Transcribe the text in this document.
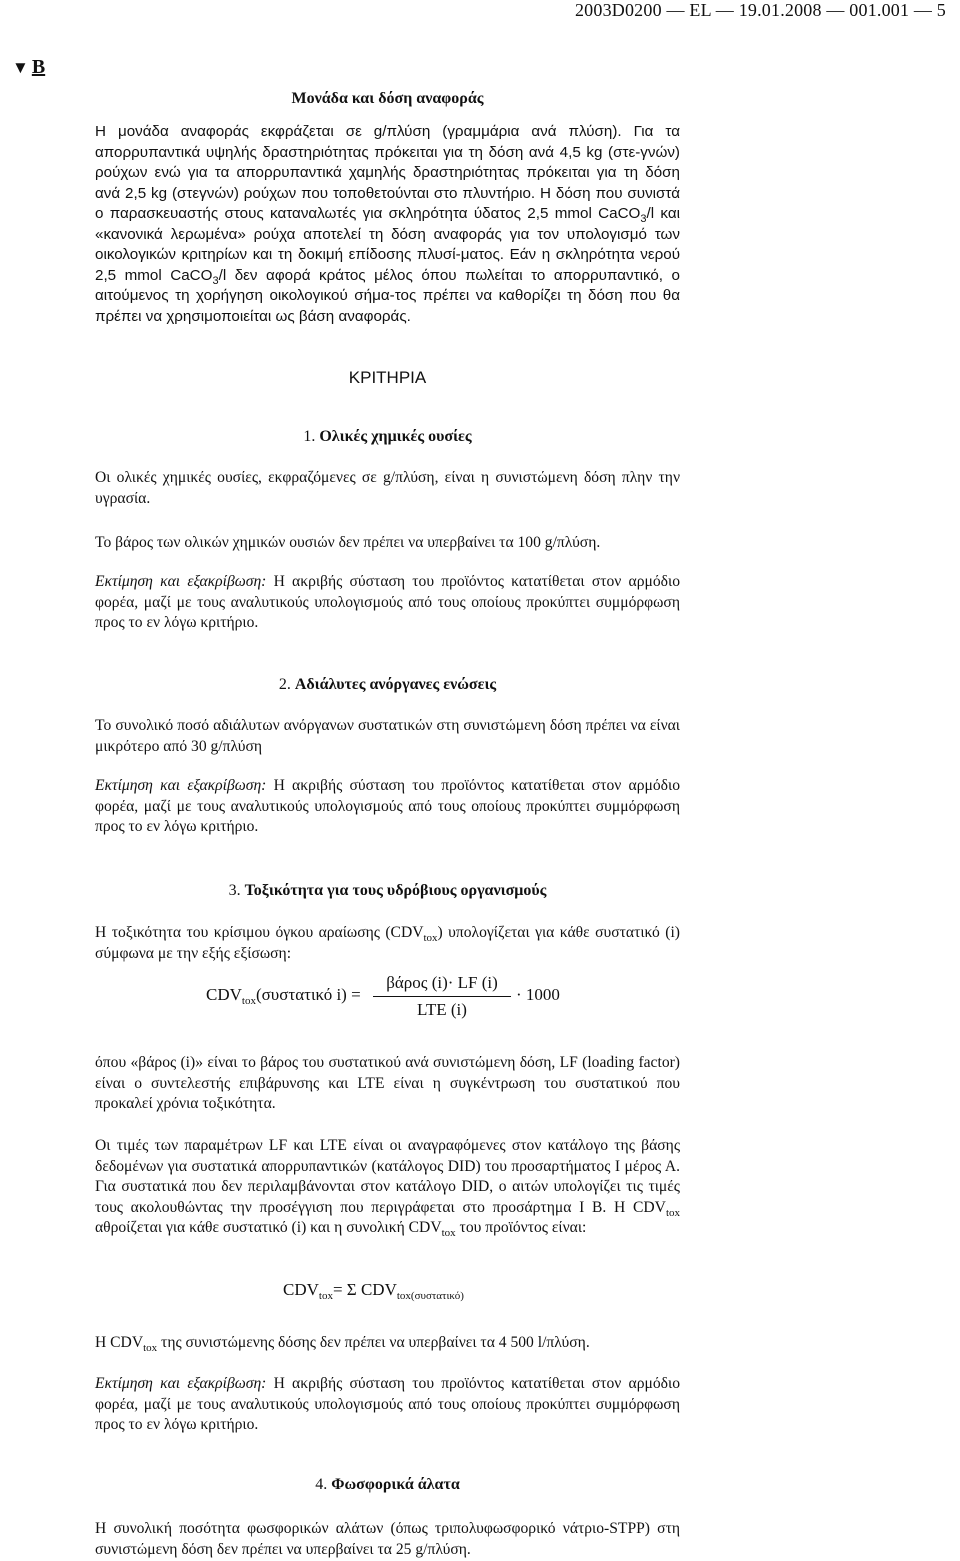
2003D0200 — EL — 19.01.2008 — 001.001 — 5
▼ B
Μονάδα και δόση αναφοράς
Η μονάδα αναφοράς εκφράζεται σε g/πλύση (γραμμάρια ανά πλύση). Για τα απορρυπαντικά υψηλής δραστηριότητας πρόκειται για τη δόση ανά 4,5 kg (στε-γνών) ρούχων ενώ για τα απορρυπαντικά χαμηλής δραστηριότητας πρόκειται για τη δόση ανά 2,5 kg (στεγνών) ρούχων που τοποθετούνται στο πλυντήριο. Η δόση που συνιστά ο παρασκευαστής στους καταναλωτές για σκληρότητα ύδατος 2,5 mmol CaCO$_3$/l και «κανονικά λερωμένα» ρούχα αποτελεί τη δόση αναφοράς για τον υπολογισμό των οικολογικών κριτηρίων και τη δοκιμή επίδοσης πλυσί-ματος. Εάν η σκληρότητα νερού 2,5 mmol CaCO$_3$/l δεν αφορά κράτος μέλος όπου πωλείται το απορρυπαντικό, ο αιτούμενος τη χορήγηση οικολογικού σήμα-τος πρέπει να καθορίζει τη δόση που θα πρέπει να χρησιμοποιείται ως βάση αναφοράς.
ΚΡΙΤΗΡΙΑ
1. Ολικές χημικές ουσίες

Οι ολικές χημικές ουσίες, εκφραζόμενες σε g/πλύση, είναι η συνιστώμενη δόση πλην την υγρασία.

Το βάρος των ολικών χημικών ουσιών δεν πρέπει να υπερβαίνει τα 100 g/πλύση.

Εκτίμηση και εξακρίβωση: Η ακριβής σύσταση του προϊόντος κατατίθεται στον αρμόδιο φορέα, μαζί με τους αναλυτικούς υπολογισμούς από τους οποίους προκύπτει συμμόρφωση προς το εν λόγω κριτήριο.

2. Αδιάλυτες ανόργανες ενώσεις

Το συνολικό ποσό αδιάλυτων ανόργανων συστατικών στη συνιστώμενη δόση πρέπει να είναι μικρότερο από 30 g/πλύση

Εκτίμηση και εξακρίβωση: Η ακριβής σύσταση του προϊόντος κατατίθεται στον αρμόδιο φορέα, μαζί με τους αναλυτικούς υπολογισμούς από τους οποίους προκύπτει συμμόρφωση προς το εν λόγω κριτήριο.

3. Τοξικότητα για τους υδρόβιους οργανισμούς

Η τοξικότητα του κρίσιμου όγκου αραίωσης $(CDV_{tox})$ υπολογίζεται για κάθε συστατικό (i) σύμφωνα με την εξής εξίσωση:

$CDV_{tox}(\sigma\upsilon\sigma\tau\alpha\tau\iota\kappa ό$ i) =
βάρος (i)· LF (i)
LTE (i)
· 1000

όπου «βάρος (i)» είναι το βάρος του συστατικού ανά συνιστώμενη δόση, LF (loading factor) είναι ο συντελεστής επιβάρυνσης και LTE είναι η συγκέντρωση του συστατικού που προκαλεί χρόνια τοξικότητα.

Οι τιμές των παραμέτρων LF και LTE είναι οι αναγραφόμενες στον κατάλογο της βάσης δεδομένων για συστατικά απορρυπαντικών (κατάλογος DID) του προσαρτήματος I μέρος Α. Για συστατικά που δεν περιλαμβάνονται στον κατάλογο DID, ο αιτών υπολογίζει τις τιμές τους ακολουθώντας την προσέγγιση που περιγράφεται στο προσάρτημα I Β. Η $CDV_{tox}$ αθροίζεται για κάθε συστατικό (i) και η συνολική $CDV_{tox}$ του προϊόντος είναι:

$CDV_{tox}= \Sigma$ $CDV_{tox(\sigma\upsilon\sigma\tau\alpha\tau\iota\kappa ό)}$

Η $CDV_{tox}$ της συνιστώμενης δόσης δεν πρέπει να υπερβαίνει τα 4 500 l/πλύση.

Εκτίμηση και εξακρίβωση: Η ακριβής σύσταση του προϊόντος κατατίθεται στον αρμόδιο φορέα, μαζί με τους αναλυτικούς υπολογισμούς από τους οποίους προκύπτει συμμόρφωση προς το εν λόγω κριτήριο.

4. Φωσφορικά άλατα

Η συνολική ποσότητα φωσφορικών αλάτων (όπως τριπολυφωσφορικό νάτριο-STPP) στη συνιστώμενη δόση δεν πρέπει να υπερβαίνει τα 25 g/πλύση.
